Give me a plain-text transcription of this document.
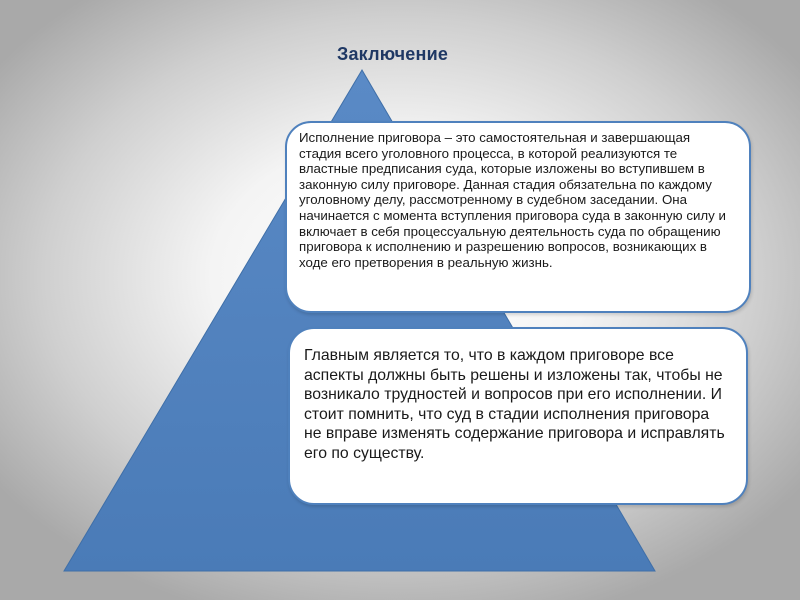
Заключение

Исполнение приговора – это самостоятельная и завершающая стадия всего уголовного процесса, в которой реализуются те властные предписания суда, которые изложены во вступившем в законную силу приговоре. Данная стадия обязательна по каждому уголовному делу, рассмотренному в судебном заседании. Она начинается с момента вступления приговора суда в законную силу и включает в себя процессуальную деятельность суда по обращению приговора к исполнению и разрешению вопросов, возникающих в ходе его претворения в реальную жизнь.

Главным является то, что в каждом приговоре все аспекты должны быть решены и изложены так, чтобы не возникало трудностей и вопросов при его исполнении. И стоит помнить, что суд в стадии исполнения приговора не вправе изменять содержание приговора и исправлять его по существу.
